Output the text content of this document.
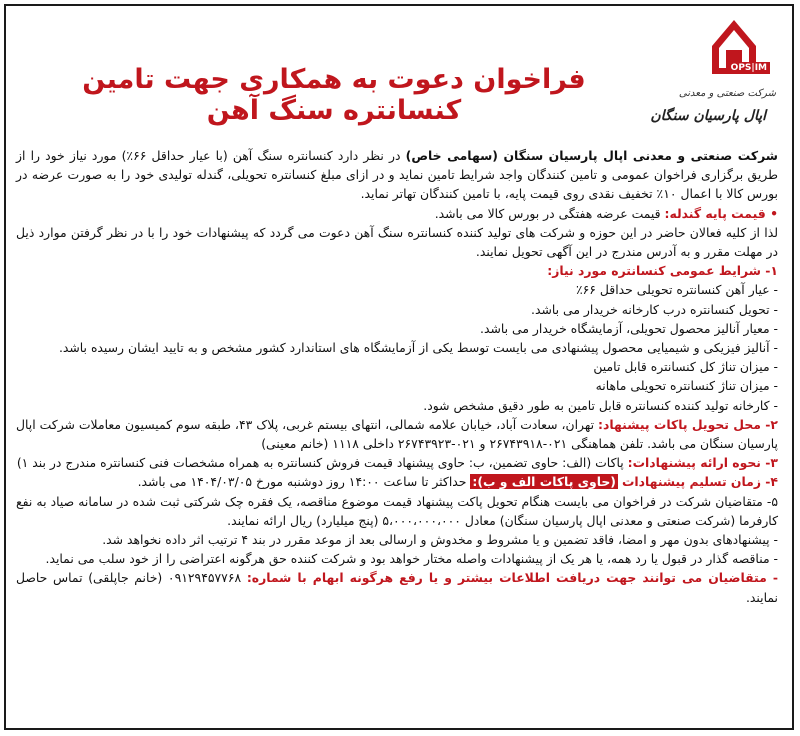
OPS|IM
شرکت صنعتی و معدنی
اپال پارسیان سنگان
فراخوان دعوت به همکاری جهت تامین کنسانتره سنگ آهن

شرکت صنعتی و معدنی اپال پارسیان سنگان (سهامی خاص) در نظر دارد کنسانتره سنگ آهن (با عیار حداقل ۶۶٪) مورد نیاز خود را از طریق برگزاری فراخوان عمومی و تامین کنندگان واجد شرایط تامین نماید و در ازای مبلغ کنسانتره تحویلی، گندله تولیدی خود را به صورت عرضه در بورس کالا با اعمال ۱۰٪ تخفیف نقدی روی قیمت پایه، با تامین کنندگان تهاتر نماید.

• قیمت پایه گندله: قیمت عرضه هفتگی در بورس کالا می باشد.

لذا از کلیه فعالان حاضر در این حوزه و شرکت های تولید کننده کنسانتره سنگ آهن دعوت می گردد که پیشنهادات خود را با در نظر گرفتن موارد ذیل در مهلت مقرر و به آدرس مندرج در این آگهی تحویل نمایند.

۱- شرایط عمومی کنسانتره مورد نیاز:

- عیار آهن کنسانتره تحویلی حداقل ۶۶٪

- تحویل کنسانتره درب کارخانه خریدار می باشد.

- معیار آنالیز محصول تحویلی، آزمایشگاه خریدار می باشد.

- آنالیز فیزیکی و شیمیایی محصول پیشنهادی می بایست توسط یکی از آزمایشگاه های استاندارد کشور مشخص و به تایید ایشان رسیده باشد.

- میزان تناژ کل کنسانتره قابل تامین

- میزان تناژ کنسانتره تحویلی ماهانه

- کارخانه تولید کننده کنسانتره قابل تامین به طور دقیق مشخص شود.

۲- محل تحویل پاکات پیشنهاد: تهران، سعادت آباد، خیابان علامه شمالی، انتهای بیستم غربی، پلاک ۴۳، طبقه سوم کمیسیون معاملات شرکت اپال پارسیان سنگان می باشد. تلفن هماهنگی ۰۲۱-۲۶۷۴۳۹۱۸ و ۰۲۱-۲۶۷۴۳۹۲۳ داخلی ۱۱۱۸ (خانم معینی)

۳- نحوه ارائه پیشنهادات: پاکات (الف: حاوی تضمین، ب: حاوی پیشنهاد قیمت فروش کنسانتره به همراه مشخصات فنی کنسانتره مندرج در بند ۱)

۴- زمان تسلیم پیشنهادات (حاوی پاکات الف و ب): حداکثر تا ساعت ۱۴:۰۰ روز دوشنبه مورخ ۱۴۰۴/۰۳/۰۵ می باشد.

۵- متقاضیان شرکت در فراخوان می بایست هنگام تحویل پاکت پیشنهاد قیمت موضوع مناقصه، یک فقره چک شرکتی ثبت شده در سامانه صیاد به نفع کارفرما (شرکت صنعتی و معدنی اپال پارسیان سنگان) معادل ۵،۰۰۰،۰۰۰،۰۰۰ (پنج میلیارد) ریال ارائه نمایند.

- پیشنهادهای بدون مهر و امضا، فاقد تضمین و یا مشروط و مخدوش و ارسالی بعد از موعد مقرر در بند ۴ ترتیب اثر داده نخواهد شد.

- مناقصه گذار در قبول یا رد همه، یا هر یک از پیشنهادات واصله مختار خواهد بود و شرکت کننده حق هرگونه اعتراضی را از خود سلب می نماید.

- متقاضیان می توانند جهت دریافت اطلاعات بیشتر و یا رفع هرگونه ابهام با شماره: ۰۹۱۲۹۴۵۷۷۶۸ (خانم جاپلقی) تماس حاصل نمایند.
